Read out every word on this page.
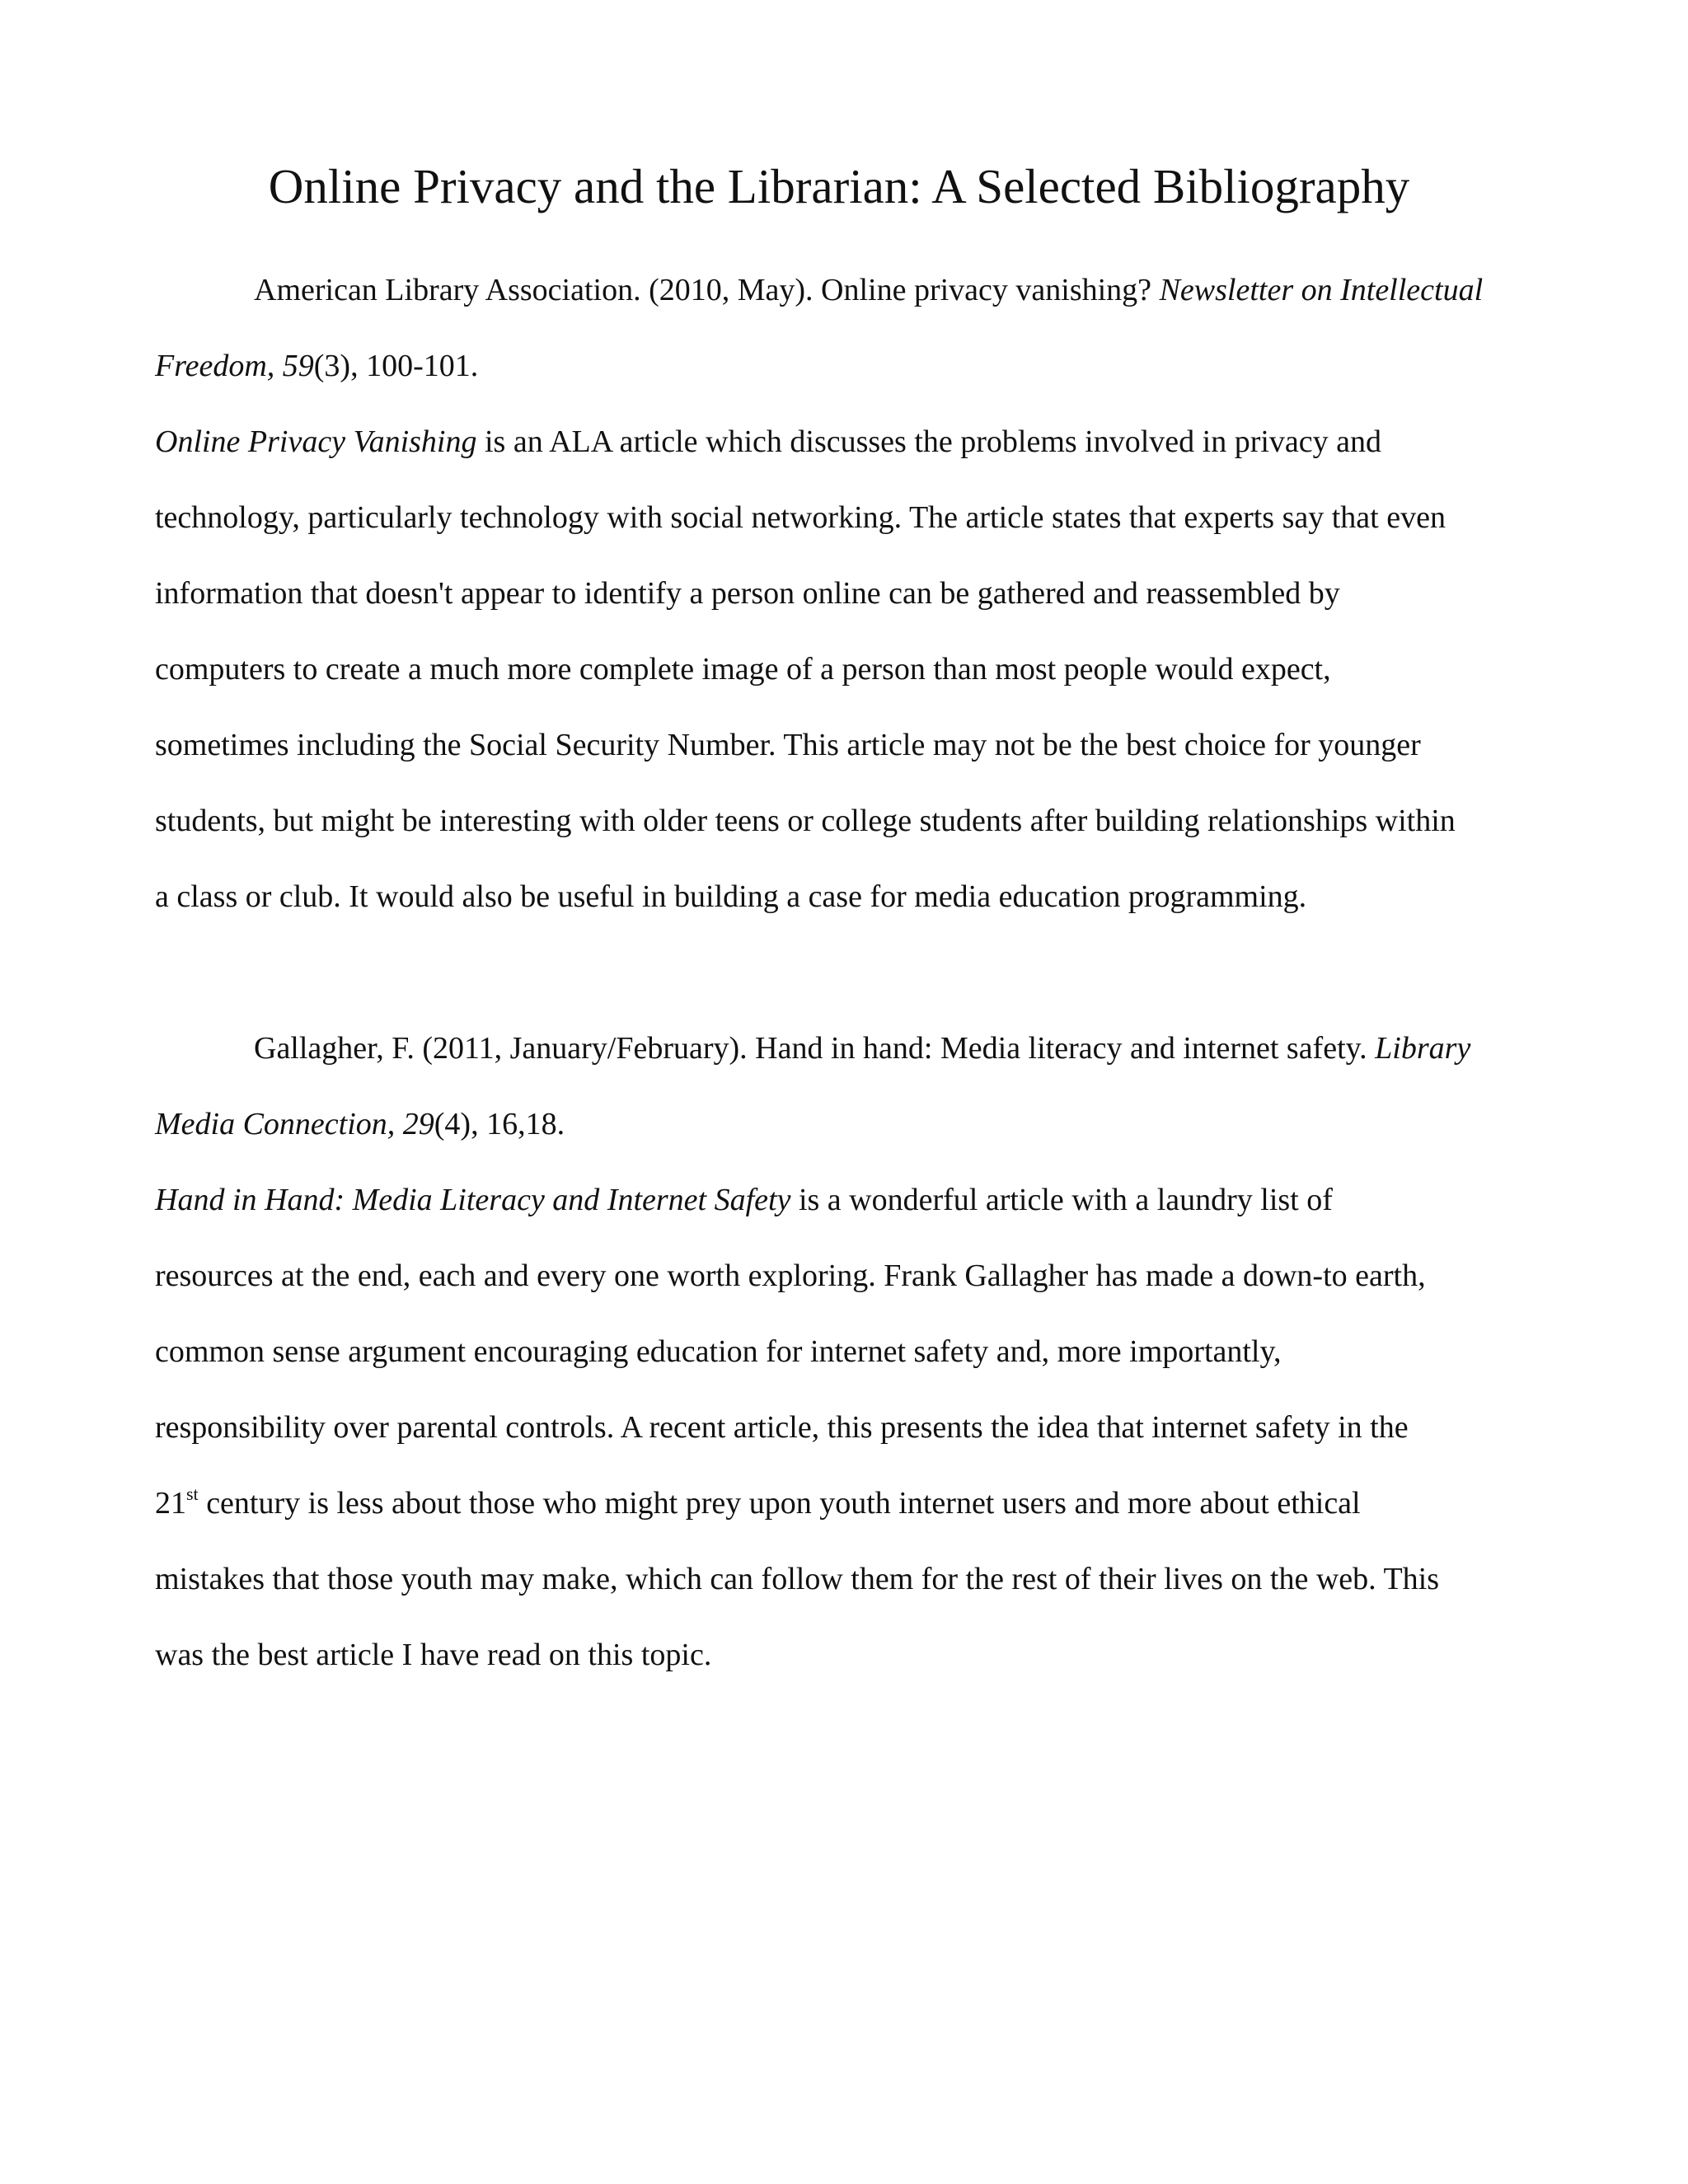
Online Privacy and the Librarian: A Selected Bibliography
American Library Association. (2010, May). Online privacy vanishing? Newsletter on Intellectual
Freedom, 59(3), 100-101.
Online Privacy Vanishing is an ALA article which discusses the problems involved in privacy and
technology, particularly technology with social networking. The article states that experts say that even
information that doesn't appear to identify a person online can be gathered and reassembled by
computers to create a much more complete image of a person than most people would expect,
sometimes including the Social Security Number. This article may not be the best choice for younger
students, but might be interesting with older teens or college students after building relationships within
a class or club. It would also be useful in building a case for media education programming.
Gallagher, F. (2011, January/February). Hand in hand: Media literacy and internet safety. Library
Media Connection, 29(4), 16,18.
Hand in Hand: Media Literacy and Internet Safety is a wonderful article with a laundry list of
resources at the end, each and every one worth exploring. Frank Gallagher has made a down-to earth,
common sense argument encouraging education for internet safety and, more importantly,
responsibility over parental controls. A recent article, this presents the idea that internet safety in the
21st century is less about those who might prey upon youth internet users and more about ethical
mistakes that those youth may make, which can follow them for the rest of their lives on the web. This
was the best article I have read on this topic.
